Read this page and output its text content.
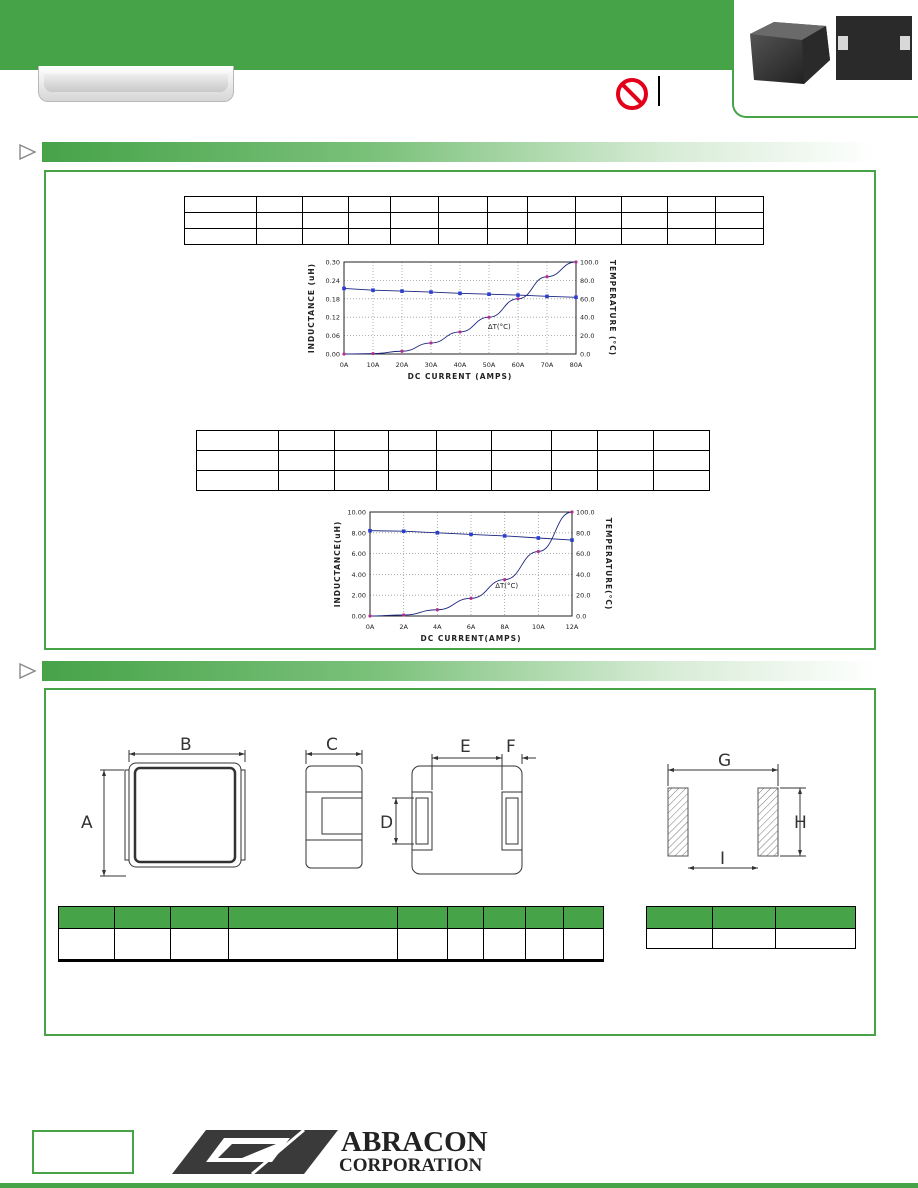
0A	10A	20A	30A	40A	50A	60A	70A	80A
0.00	0.0
0.06	20.0
0.12	40.0
0.18	60.0
0.24	80.0
0.30	100.0
DC CURRENT (AMPS)
INDUCTANCE (uH)	TEMPERATURE (°C)
ΔT(°C)

0A	2A	4A	6A	8A	10A	12A
0.00	0.0
2.00	20.0
4.00	40.0
6.00	60.0
8.00	80.0
10.00	100.0
DC CURRENT(AMPS)
INDUCTANCE(uH)	TEMPERATURE(°C)
ΔT(°C)
B
A
C
D
E F
G
H
I

ABRACON
CORPORATION
